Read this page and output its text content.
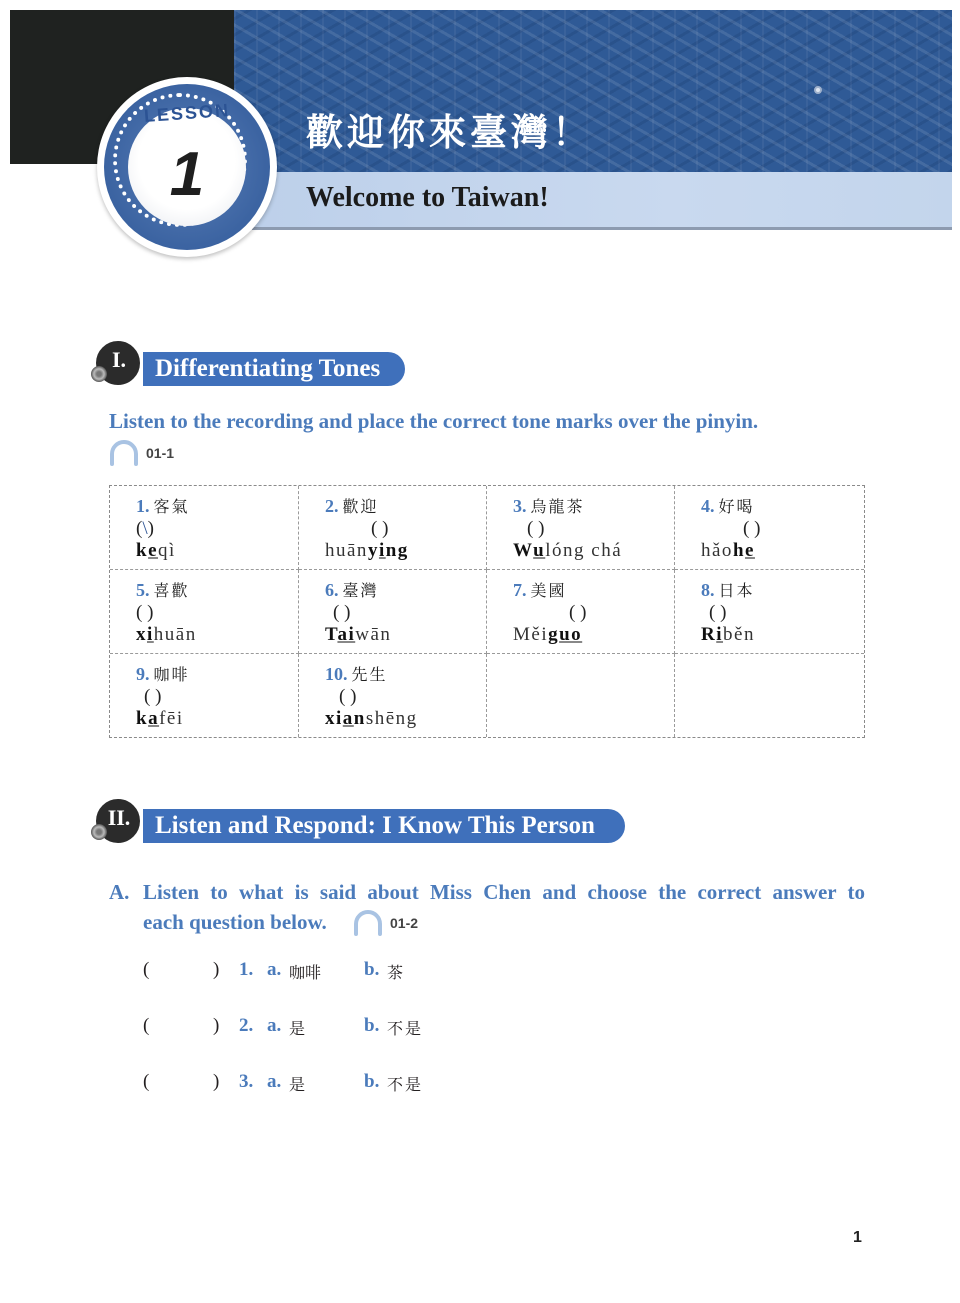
LESSON
1
歡迎你來臺灣！
Welcome to Taiwan!
Differentiating Tones
I.
Listen to the recording and place the correct tone marks over the pinyin.
01-1
1. 客氣
(\)
keqì
2. 歡迎
( )
huānying
3. 烏龍茶
( )
Wulóng chá
4. 好喝
( )
hǎohe
5. 喜歡
( )
xihuān
6. 臺灣
( )
Taiwān
7. 美國
( )
Měiguo
8. 日本
( )
Riběn
9. 咖啡
( )
kafēi
10. 先生
( )
xianshēng
Listen and Respond: I Know This Person
II.
A. Listen to what is said about Miss Chen and choose the correct answer to
each question below.	01-2
(	) 1. a. 咖啡 b. 茶
(	) 2. a. 是	b. 不是
(	) 3. a. 是	b. 不是
1
